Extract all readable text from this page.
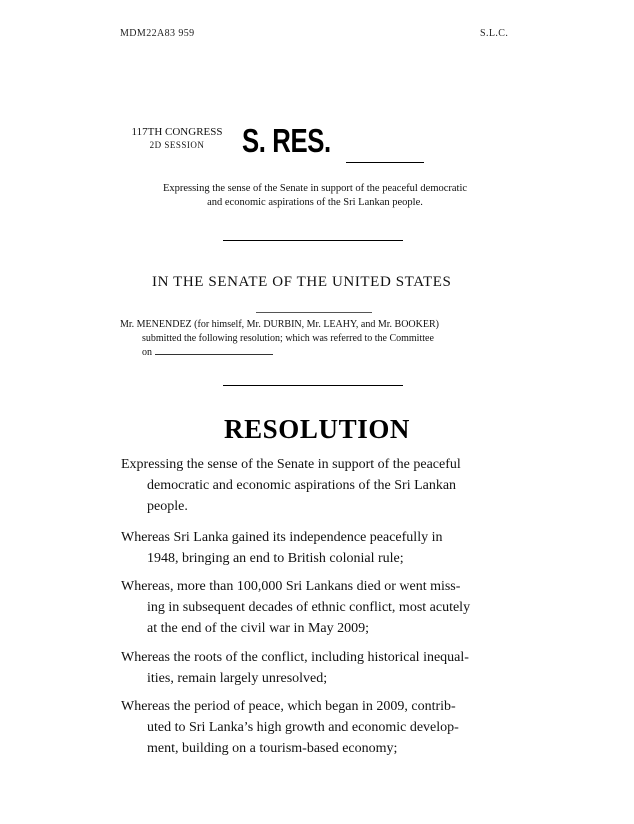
MDM22A83 959	S.L.C.
117TH CONGRESS
2D SESSION	S. RES.
Expressing the sense of the Senate in support of the peaceful democratic
and economic aspirations of the Sri Lankan people.
IN THE SENATE OF THE UNITED STATES
Mr. MENENDEZ (for himself, Mr. DURBIN, Mr. LEAHY, and Mr. BOOKER)
submitted the following resolution; which was referred to the Committee
on
RESOLUTION
Expressing the sense of the Senate in support of the peaceful
democratic and economic aspirations of the Sri Lankan
people.
Whereas Sri Lanka gained its independence peacefully in
1948, bringing an end to British colonial rule;
Whereas, more than 100,000 Sri Lankans died or went miss-
ing in subsequent decades of ethnic conflict, most acutely
at the end of the civil war in May 2009;
Whereas the roots of the conflict, including historical inequal-
ities, remain largely unresolved;
Whereas the period of peace, which began in 2009, contrib-
uted to Sri Lanka’s high growth and economic develop-
ment, building on a tourism-based economy;
